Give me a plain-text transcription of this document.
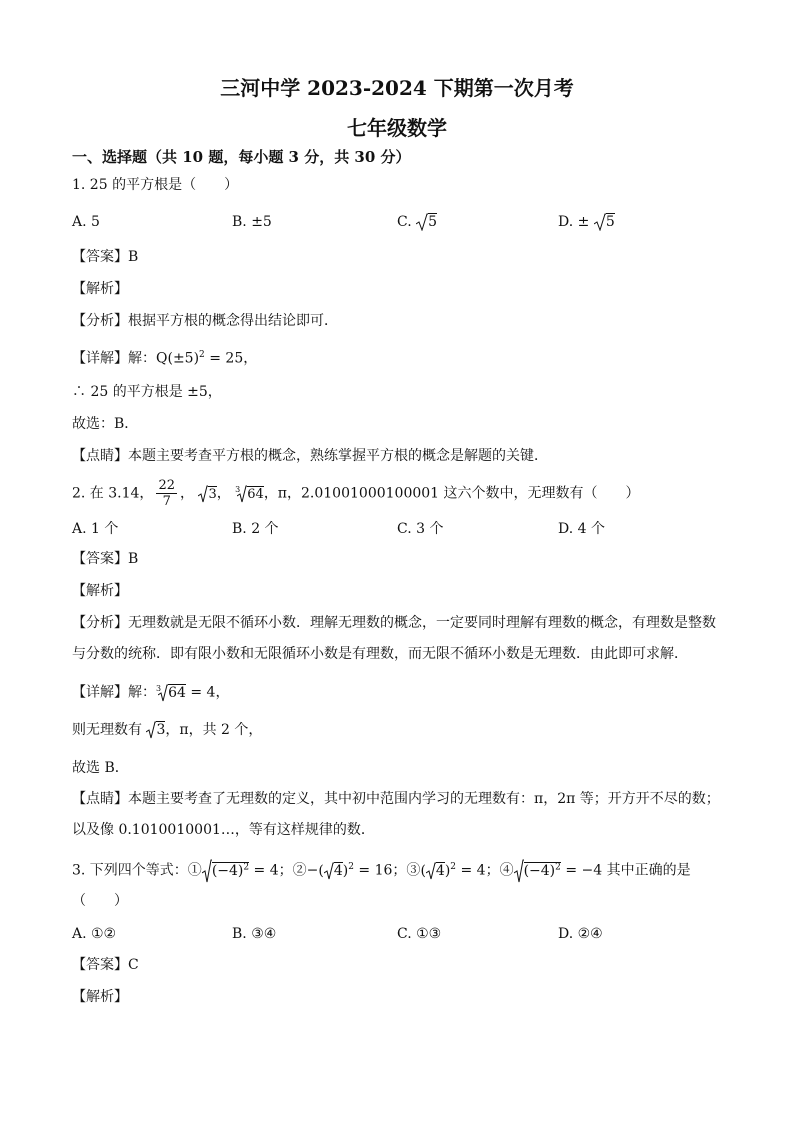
三河中学 2023-2024 下期第一次月考
七年级数学
一、选择题（共 10 题，每小题 3 分，共 30 分）
1. 25 的平方根是（　　）
A. 5	B. ±5	C. 5	D. ± 5
【答案】B
【解析】
【分析】根据平方根的概念得出结论即可．
【详解】解：$Q(\pm 5)^2 = 25$，
∴ 25 的平方根是 ±5，
故选：B．
【点睛】本题主要考查平方根的概念，熟练掌握平方根的概念是解题的关键．
2. 在 3.14， $\frac{22}{7}$ ， 3， $^3$ 64，π，2.01001000100001 这六个数中，无理数有（　　）
A. 1 个	B. 2 个	C. 3 个	D. 4 个
【答案】B
【解析】
【分析】无理数就是无限不循环小数．理解无理数的概念，一定要同时理解有理数的概念，有理数是整数
与分数的统称．即有限小数和无限循环小数是有理数，而无限不循环小数是无理数．由此即可求解．
【详解】解：$^3$ 64 = 4，
则无理数有 3，π，共 2 个，
故选 B．
【点睛】本题主要考查了无理数的定义，其中初中范围内学习的无理数有：π，2π 等；开方开不尽的数；
以及像 0.1010010001…，等有这样规律的数．
3. 下列四个等式：① $(-4)^2 = 4$；②−( 4)$^2$ = 16；③( 4)$^2$ = 4；④ $(-4)^2 = -4$ 其中正确的是
（　　）
A. ①②	B. ③④	C. ①③	D. ②④
【答案】C
【解析】
